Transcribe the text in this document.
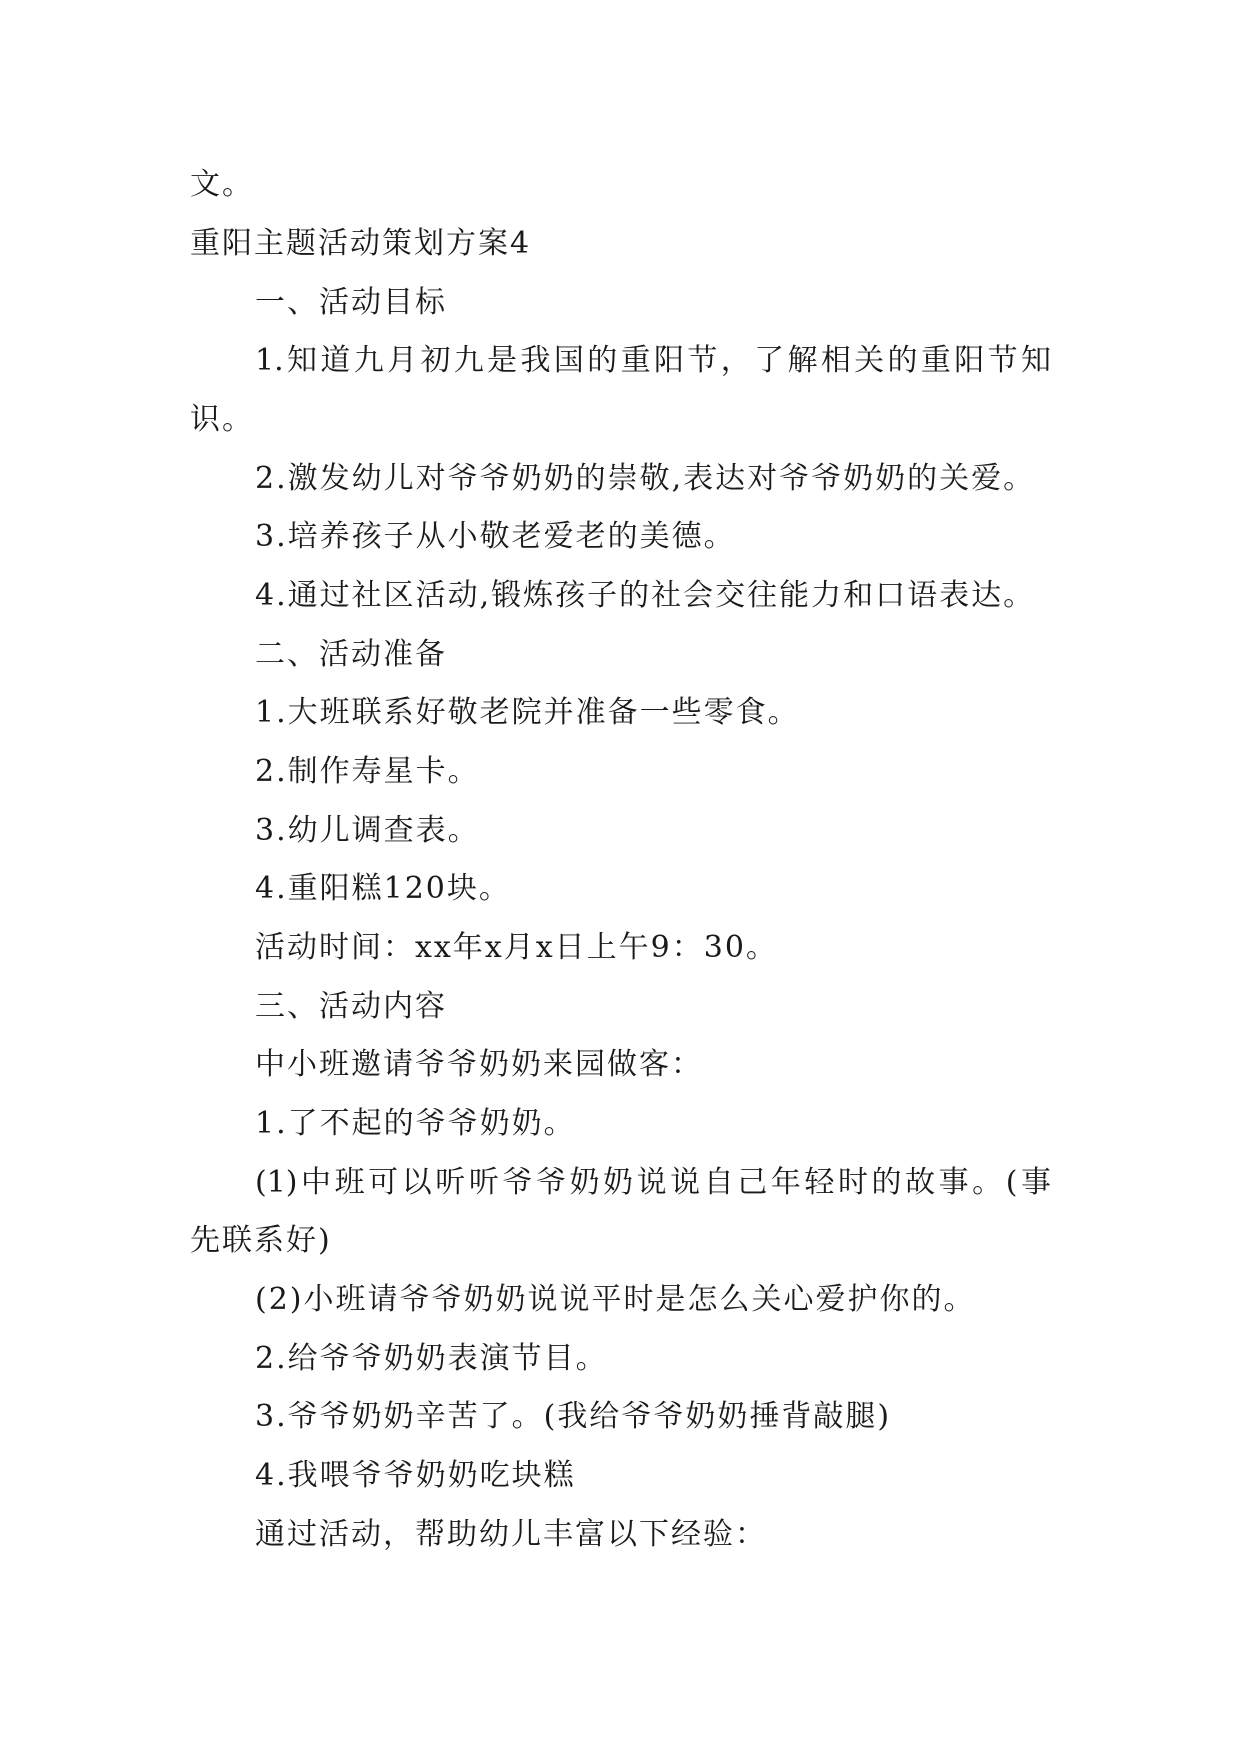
文。
重阳主题活动策划方案4
一、活动目标
1.知道九月初九是我国的重阳节，了解相关的重阳节知
识。
2.激发幼儿对爷爷奶奶的崇敬,表达对爷爷奶奶的关爱。
3.培养孩子从小敬老爱老的美德。
4.通过社区活动,锻炼孩子的社会交往能力和口语表达。
二、活动准备
1.大班联系好敬老院并准备一些零食。
2.制作寿星卡。
3.幼儿调查表。
4.重阳糕120块。
活动时间：xx年x月x日上午9：30。
三、活动内容
中小班邀请爷爷奶奶来园做客：
1.了不起的爷爷奶奶。
(1)中班可以听听爷爷奶奶说说自己年轻时的故事。(事
先联系好)
(2)小班请爷爷奶奶说说平时是怎么关心爱护你的。
2.给爷爷奶奶表演节目。
3.爷爷奶奶辛苦了。(我给爷爷奶奶捶背敲腿)
4.我喂爷爷奶奶吃块糕
通过活动，帮助幼儿丰富以下经验：
